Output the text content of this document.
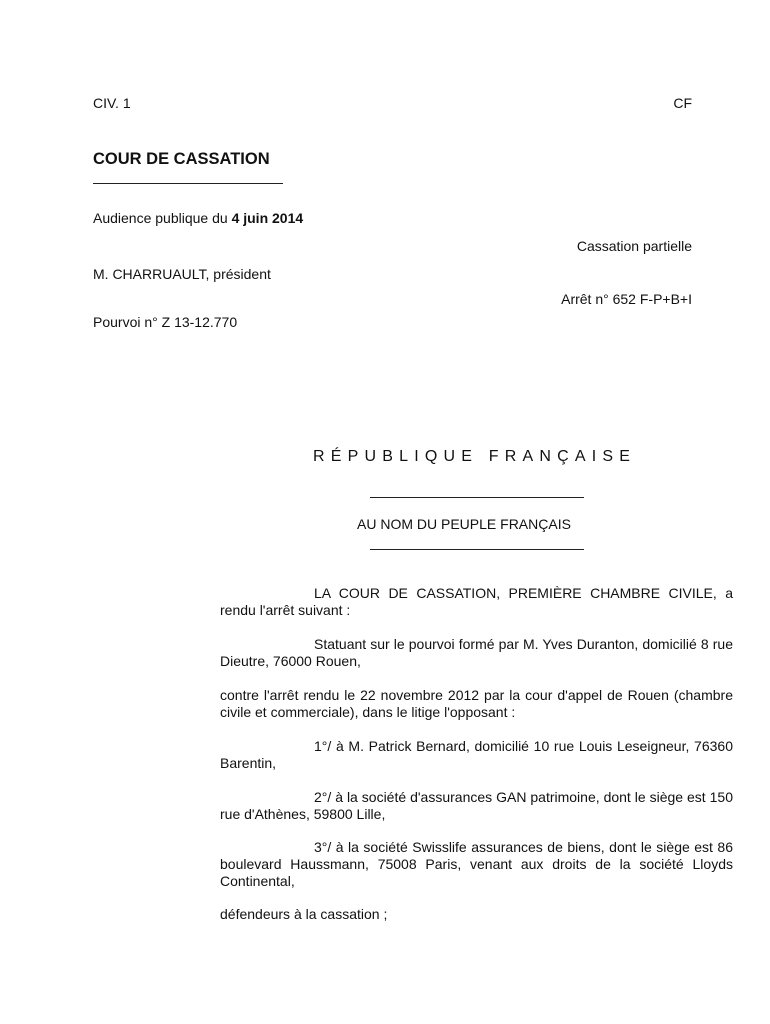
CIV. 1	CF
COUR DE CASSATION
Audience publique du 4 juin 2014
Cassation partielle
M. CHARRUAULT, président
Arrêt n° 652 F-P+B+I
Pourvoi n° Z 13-12.770
RÉPUBLIQUE FRANÇAISE
AU NOM DU PEUPLE FRANÇAIS
LA COUR DE CASSATION, PREMIÈRE CHAMBRE CIVILE, a rendu l'arrêt suivant :
Statuant sur le pourvoi formé par M. Yves Duranton, domicilié 8 rue Dieutre, 76000 Rouen,
contre l'arrêt rendu le 22 novembre 2012 par la cour d'appel de Rouen (chambre civile et commerciale), dans le litige l'opposant :
1°/ à M. Patrick Bernard, domicilié 10 rue Louis Leseigneur, 76360 Barentin,
2°/ à la société d'assurances GAN patrimoine, dont le siège est 150 rue d'Athènes, 59800 Lille,
3°/ à la société Swisslife assurances de biens, dont le siège est 86 boulevard Haussmann, 75008 Paris, venant aux droits de la société Lloyds Continental,
défendeurs à la cassation ;
